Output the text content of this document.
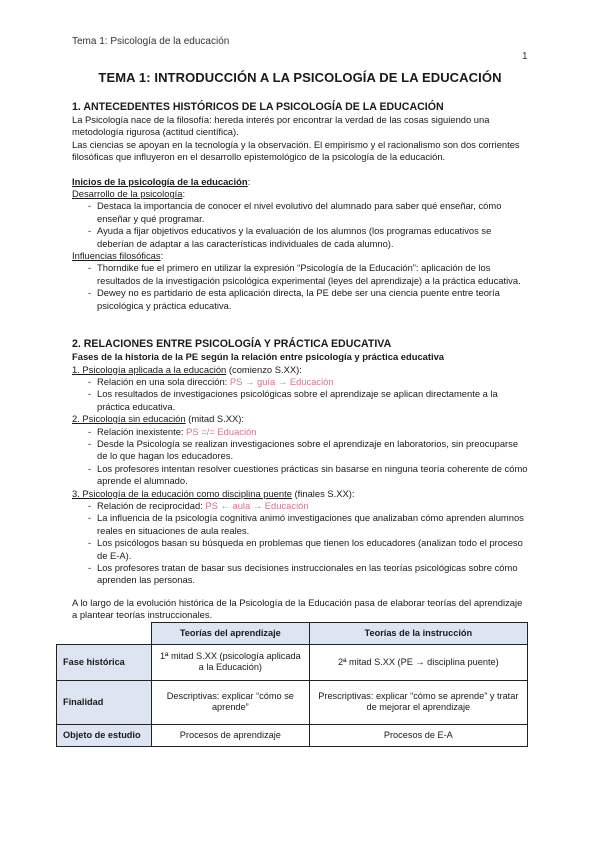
Tema 1: Psicología de la educación
1
TEMA 1: INTRODUCCIÓN A LA PSICOLOGÍA DE LA EDUCACIÓN
1. ANTECEDENTES HISTÓRICOS DE LA PSICOLOGÍA DE LA EDUCACIÓN

La Psicología nace de la filosofía: hereda interés por encontrar la verdad de las cosas siguiendo una metodología rigurosa (actitud científica).

Las ciencias se apoyan en la tecnología y la observación. El empirismo y el racionalismo son dos corrientes filosóficas que influyeron en el desarrollo epistemológico de la psicología de la educación.

Inicios de la psicología de la educación:

Desarrollo de la psicología:

- Destaca la importancia de conocer el nivel evolutivo del alumnado para saber qué enseñar, cómo enseñar y qué programar.
- Ayuda a fijar objetivos educativos y la evaluación de los alumnos (los programas educativos se deberían de adaptar a las características individuales de cada alumno).

Influencias filosóficas:

- Thorndike fue el primero en utilizar la expresión “Psicología de la Educación”: aplicación de los resultados de la investigación psicológica experimental (leyes del aprendizaje) a la práctica educativa.
- Dewey no es partidario de esta aplicación directa, la PE debe ser una ciencia puente entre teoría psicológica y práctica educativa.
2. RELACIONES ENTRE PSICOLOGÍA Y PRÁCTICA EDUCATIVA

Fases de la historia de la PE según la relación entre psicología y práctica educativa

1. Psicología aplicada a la educación (comienzo S.XX):

- Relación en una sola dirección: PS → guía → Educación
- Los resultados de investigaciones psicológicas sobre el aprendizaje se aplican directamente a la práctica educativa.

2. Psicología sin educación (mitad S.XX):

- Relación inexistente: PS =/= Eduación
- Desde la Psicología se realizan investigaciones sobre el aprendizaje en laboratorios, sin preocuparse de lo que hagan los educadores.
- Los profesores intentan resolver cuestiones prácticas sin basarse en ninguna teoría coherente de cómo aprende el alumnado.

3. Psicología de la educación como disciplina puente (finales S.XX):

- Relación de reciprocidad: PS ← aula → Educación
- La influencia de la psicología cognitiva animó investigaciones que analizaban cómo aprenden alumnos reales en situaciones de aula reales.
- Los psicólogos basan su búsqueda en problemas que tienen los educadores (analizan todo el proceso de E-A).
- Los profesores tratan de basar sus decisiones instruccionales en las teorías psicológicas sobre cómo aprenden las personas.

A lo largo de la evolución histórica de la Psicología de la Educación pasa de elaborar teorías del aprendizaje a plantear teorías instruccionales.

	Teorías del aprendizaje	Teorías de la instrucción
Fase histórica	1ª mitad S.XX (psicología aplicada a la Educación)	2ª mitad S.XX (PE → disciplina puente)
Finalidad	Descriptivas: explicar “cómo se aprende”	Prescriptivas: explicar “cómo se aprende” y tratar de mejorar el aprendizaje
Objeto de estudio	Procesos de aprendizaje	Procesos de E-A
